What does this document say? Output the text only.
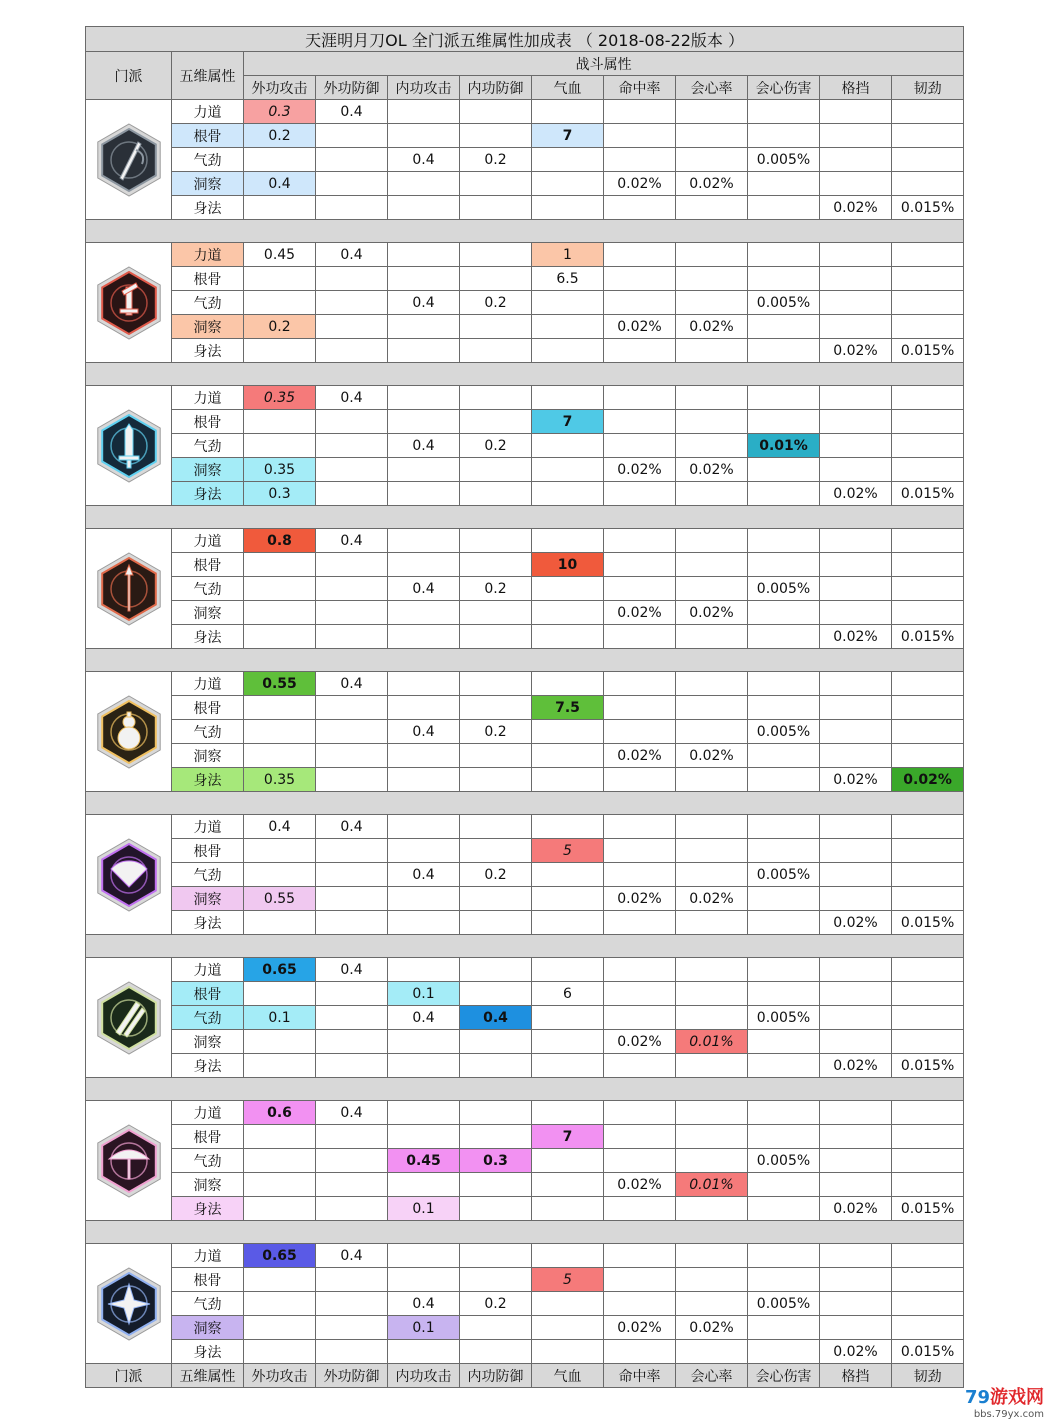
天涯明月刀OL 全门派五维属性加成表 （ 2018-08-22版本 ）											
门派	五维属性	战斗属性									
		外功攻击	外功防御	内功攻击	内功防御	气血	命中率	会心率	会心伤害	格挡	韧劲

	力道	0.3	0.4								
	根骨	0.2				7					
	气劲			0.4	0.2				0.005%		
	洞察	0.4					0.02%	0.02%			
	身法									0.02%	0.015%

	力道	0.45	0.4			1					
	根骨					6.5					
	气劲			0.4	0.2				0.005%		
	洞察	0.2					0.02%	0.02%			
	身法									0.02%	0.015%

	力道	0.35	0.4								
	根骨					7					
	气劲			0.4	0.2				0.01%		
	洞察	0.35					0.02%	0.02%			
	身法	0.3								0.02%	0.015%

	力道	0.8	0.4								
	根骨					10					
	气劲			0.4	0.2				0.005%		
	洞察						0.02%	0.02%			
	身法									0.02%	0.015%

	力道	0.55	0.4								
	根骨					7.5					
	气劲			0.4	0.2				0.005%		
	洞察						0.02%	0.02%			
	身法	0.35								0.02%	0.02%

	力道	0.4	0.4								
	根骨					5					
	气劲			0.4	0.2				0.005%		
	洞察	0.55					0.02%	0.02%			
	身法									0.02%	0.015%

	力道	0.65	0.4								
	根骨			0.1		6					
	气劲	0.1		0.4	0.4				0.005%		
	洞察						0.02%	0.01%			
	身法									0.02%	0.015%

	力道	0.6	0.4								
	根骨					7					
	气劲			0.45	0.3				0.005%		
	洞察						0.02%	0.01%			
	身法			0.1						0.02%	0.015%

	力道	0.65	0.4								
	根骨					5					
	气劲			0.4	0.2				0.005%		
	洞察			0.1			0.02%	0.02%			
	身法									0.02%	0.015%
门派	五维属性	外功攻击	外功防御	内功攻击	内功防御	气血	命中率	会心率	会心伤害	格挡	韧劲
79游戏网
bbs.79yx.com
